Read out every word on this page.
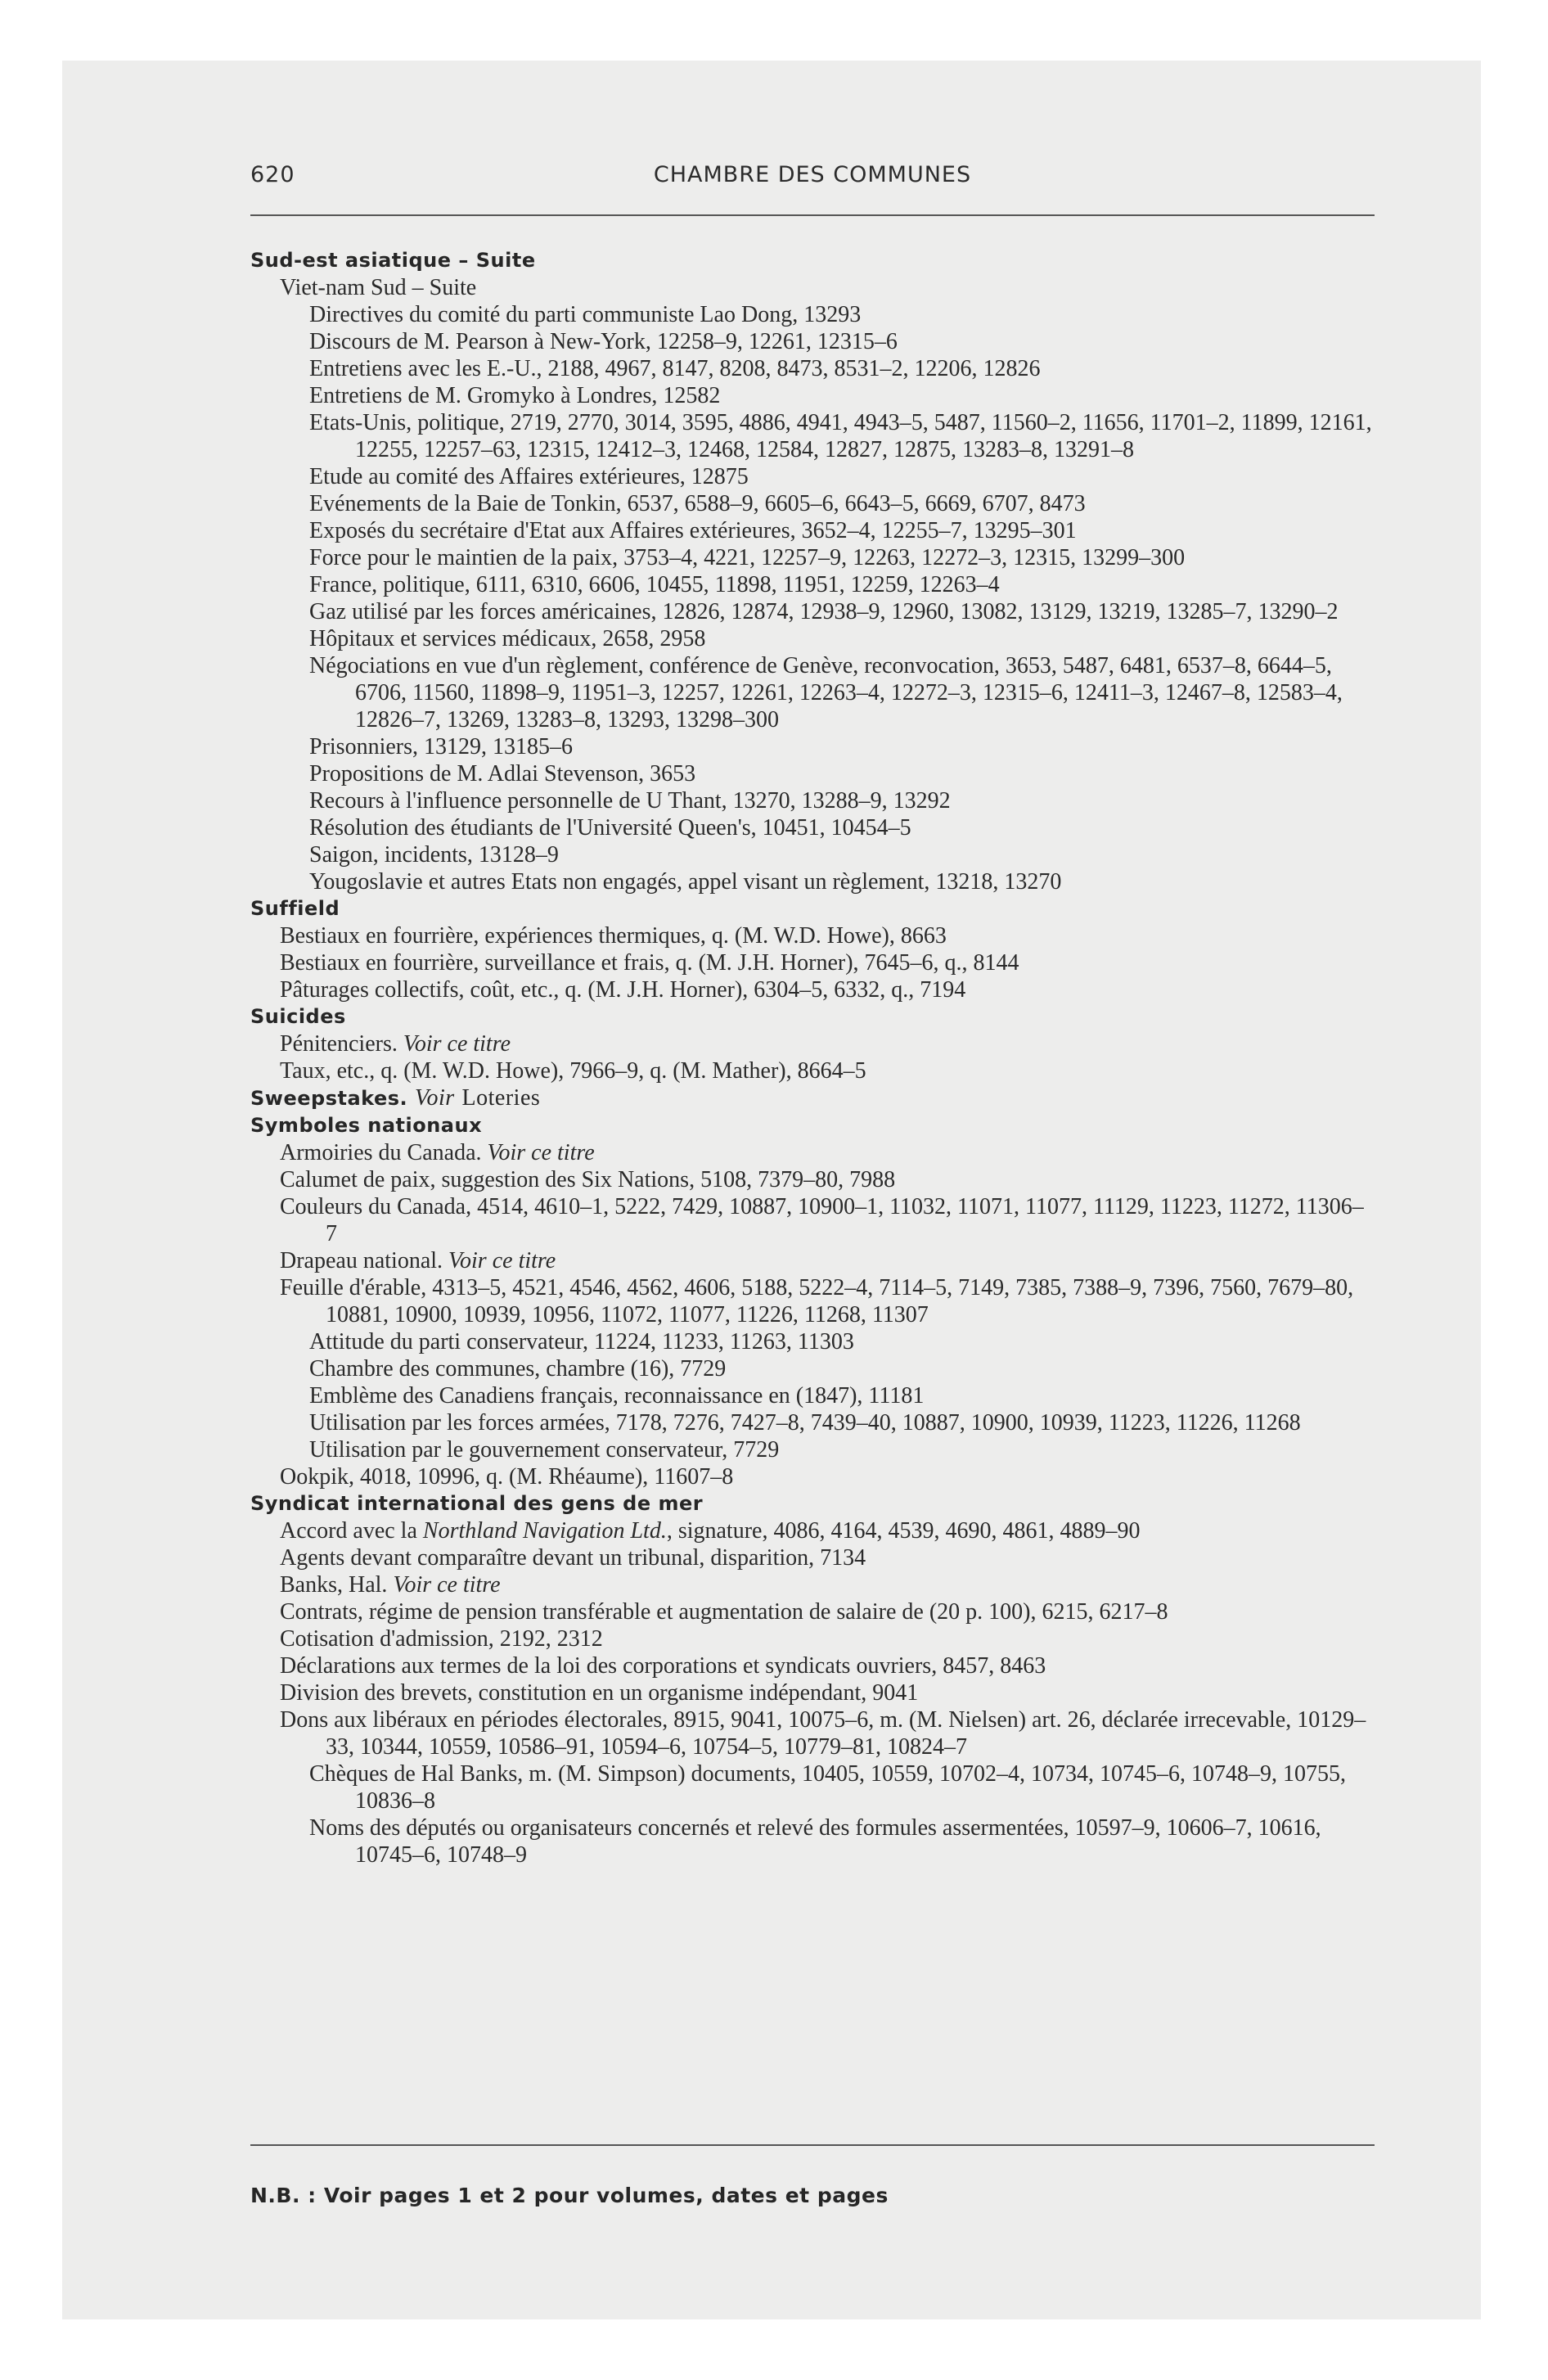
620	CHAMBRE DES COMMUNES
Sud-est asiatique – Suite
Viet-nam Sud – Suite
Directives du comité du parti communiste Lao Dong, 13293
Discours de M. Pearson à New-York, 12258–9, 12261, 12315–6
Entretiens avec les E.-U., 2188, 4967, 8147, 8208, 8473, 8531–2, 12206, 12826
Entretiens de M. Gromyko à Londres, 12582
Etats-Unis, politique, 2719, 2770, 3014, 3595, 4886, 4941, 4943–5, 5487, 11560–2, 11656, 11701–2, 11899, 12161, 12255, 12257–63, 12315, 12412–3, 12468, 12584, 12827, 12875, 13283–8, 13291–8
Etude au comité des Affaires extérieures, 12875
Evénements de la Baie de Tonkin, 6537, 6588–9, 6605–6, 6643–5, 6669, 6707, 8473
Exposés du secrétaire d'Etat aux Affaires extérieures, 3652–4, 12255–7, 13295–301
Force pour le maintien de la paix, 3753–4, 4221, 12257–9, 12263, 12272–3, 12315, 13299–300
France, politique, 6111, 6310, 6606, 10455, 11898, 11951, 12259, 12263–4
Gaz utilisé par les forces américaines, 12826, 12874, 12938–9, 12960, 13082, 13129, 13219, 13285–7, 13290–2
Hôpitaux et services médicaux, 2658, 2958
Négociations en vue d'un règlement, conférence de Genève, reconvocation, 3653, 5487, 6481, 6537–8, 6644–5, 6706, 11560, 11898–9, 11951–3, 12257, 12261, 12263–4, 12272–3, 12315–6, 12411–3, 12467–8, 12583–4, 12826–7, 13269, 13283–8, 13293, 13298–300
Prisonniers, 13129, 13185–6
Propositions de M. Adlai Stevenson, 3653
Recours à l'influence personnelle de U Thant, 13270, 13288–9, 13292
Résolution des étudiants de l'Université Queen's, 10451, 10454–5
Saigon, incidents, 13128–9
Yougoslavie et autres Etats non engagés, appel visant un règlement, 13218, 13270
Suffield
Bestiaux en fourrière, expériences thermiques, q. (M. W.D. Howe), 8663
Bestiaux en fourrière, surveillance et frais, q. (M. J.H. Horner), 7645–6, q., 8144
Pâturages collectifs, coût, etc., q. (M. J.H. Horner), 6304–5, 6332, q., 7194
Suicides
Pénitenciers. Voir ce titre
Taux, etc., q. (M. W.D. Howe), 7966–9, q. (M. Mather), 8664–5
Sweepstakes. Voir Loteries
Symboles nationaux
Armoiries du Canada. Voir ce titre
Calumet de paix, suggestion des Six Nations, 5108, 7379–80, 7988
Couleurs du Canada, 4514, 4610–1, 5222, 7429, 10887, 10900–1, 11032, 11071, 11077, 11129, 11223, 11272, 11306–7
Drapeau national. Voir ce titre
Feuille d'érable, 4313–5, 4521, 4546, 4562, 4606, 5188, 5222–4, 7114–5, 7149, 7385, 7388–9, 7396, 7560, 7679–80, 10881, 10900, 10939, 10956, 11072, 11077, 11226, 11268, 11307
Attitude du parti conservateur, 11224, 11233, 11263, 11303
Chambre des communes, chambre (16), 7729
Emblème des Canadiens français, reconnaissance en (1847), 11181
Utilisation par les forces armées, 7178, 7276, 7427–8, 7439–40, 10887, 10900, 10939, 11223, 11226, 11268
Utilisation par le gouvernement conservateur, 7729
Ookpik, 4018, 10996, q. (M. Rhéaume), 11607–8
Syndicat international des gens de mer
Accord avec la Northland Navigation Ltd., signature, 4086, 4164, 4539, 4690, 4861, 4889–90
Agents devant comparaître devant un tribunal, disparition, 7134
Banks, Hal. Voir ce titre
Contrats, régime de pension transférable et augmentation de salaire de (20 p. 100), 6215, 6217–8
Cotisation d'admission, 2192, 2312
Déclarations aux termes de la loi des corporations et syndicats ouvriers, 8457, 8463
Division des brevets, constitution en un organisme indépendant, 9041
Dons aux libéraux en périodes électorales, 8915, 9041, 10075–6, m. (M. Nielsen) art. 26, déclarée irrecevable, 10129–33, 10344, 10559, 10586–91, 10594–6, 10754–5, 10779–81, 10824–7
Chèques de Hal Banks, m. (M. Simpson) documents, 10405, 10559, 10702–4, 10734, 10745–6, 10748–9, 10755, 10836–8
Noms des députés ou organisateurs concernés et relevé des formules assermentées, 10597–9, 10606–7, 10616, 10745–6, 10748–9
N.B. : Voir pages 1 et 2 pour volumes, dates et pages
